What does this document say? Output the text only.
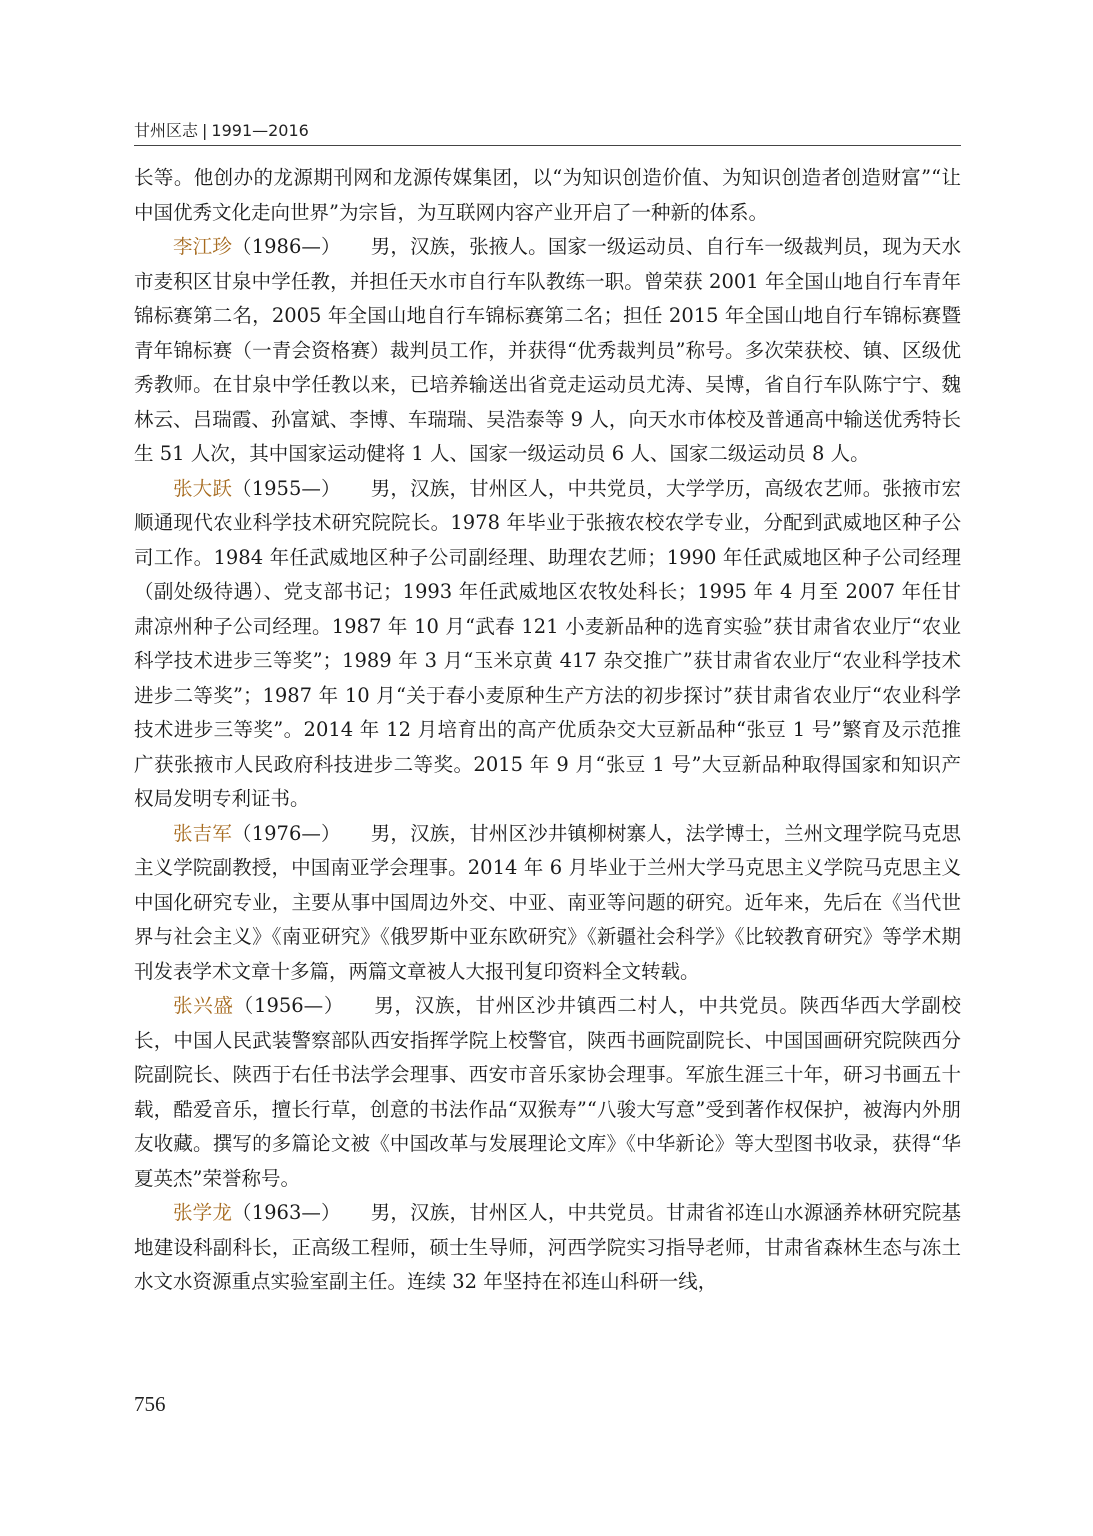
甘州区志 | 1991—2016

长等。他创办的龙源期刊网和龙源传媒集团，以“为知识创造价值、为知识创造者创造财富”“让中国优秀文化走向世界”为宗旨，为互联网内容产业开启了一种新的体系。

李江珍（1986—） 男，汉族，张掖人。国家一级运动员、自行车一级裁判员，现为天水市麦积区甘泉中学任教，并担任天水市自行车队教练一职。曾荣获 2001 年全国山地自行车青年锦标赛第二名，2005 年全国山地自行车锦标赛第二名；担任 2015 年全国山地自行车锦标赛暨青年锦标赛（一青会资格赛）裁判员工作，并获得“优秀裁判员”称号。多次荣获校、镇、区级优秀教师。在甘泉中学任教以来，已培养输送出省竞走运动员尤涛、吴博，省自行车队陈宁宁、魏林云、吕瑞霞、孙富斌、李博、车瑞瑞、吴浩泰等 9 人，向天水市体校及普通高中输送优秀特长生 51 人次，其中国家运动健将 1 人、国家一级运动员 6 人、国家二级运动员 8 人。

张大跃（1955—） 男，汉族，甘州区人，中共党员，大学学历，高级农艺师。张掖市宏顺通现代农业科学技术研究院院长。1978 年毕业于张掖农校农学专业，分配到武威地区种子公司工作。1984 年任武威地区种子公司副经理、助理农艺师；1990 年任武威地区种子公司经理（副处级待遇）、党支部书记；1993 年任武威地区农牧处科长；1995 年 4 月至 2007 年任甘肃凉州种子公司经理。1987 年 10 月“武春 121 小麦新品种的选育实验”获甘肃省农业厅“农业科学技术进步三等奖”；1989 年 3 月“玉米京黄 417 杂交推广”获甘肃省农业厅“农业科学技术进步二等奖”；1987 年 10 月“关于春小麦原种生产方法的初步探讨”获甘肃省农业厅“农业科学技术进步三等奖”。2014 年 12 月培育出的高产优质杂交大豆新品种“张豆 1 号”繁育及示范推广获张掖市人民政府科技进步二等奖。2015 年 9 月“张豆 1 号”大豆新品种取得国家和知识产权局发明专利证书。

张吉军（1976—） 男，汉族，甘州区沙井镇柳树寨人，法学博士，兰州文理学院马克思主义学院副教授，中国南亚学会理事。2014 年 6 月毕业于兰州大学马克思主义学院马克思主义中国化研究专业，主要从事中国周边外交、中亚、南亚等问题的研究。近年来，先后在《当代世界与社会主义》《南亚研究》《俄罗斯中亚东欧研究》《新疆社会科学》《比较教育研究》等学术期刊发表学术文章十多篇，两篇文章被人大报刊复印资料全文转载。

张兴盛（1956—） 男，汉族，甘州区沙井镇西二村人，中共党员。陕西华西大学副校长，中国人民武装警察部队西安指挥学院上校警官，陕西书画院副院长、中国国画研究院陕西分院副院长、陕西于右任书法学会理事、西安市音乐家协会理事。军旅生涯三十年，研习书画五十载，酷爱音乐，擅长行草，创意的书法作品“双猴寿”“八骏大写意”受到著作权保护，被海内外朋友收藏。撰写的多篇论文被《中国改革与发展理论文库》《中华新论》等大型图书收录，获得“华夏英杰”荣誉称号。

张学龙（1963—） 男，汉族，甘州区人，中共党员。甘肃省祁连山水源涵养林研究院基地建设科副科长，正高级工程师，硕士生导师，河西学院实习指导老师，甘肃省森林生态与冻土水文水资源重点实验室副主任。连续 32 年坚持在祁连山科研一线，

756
